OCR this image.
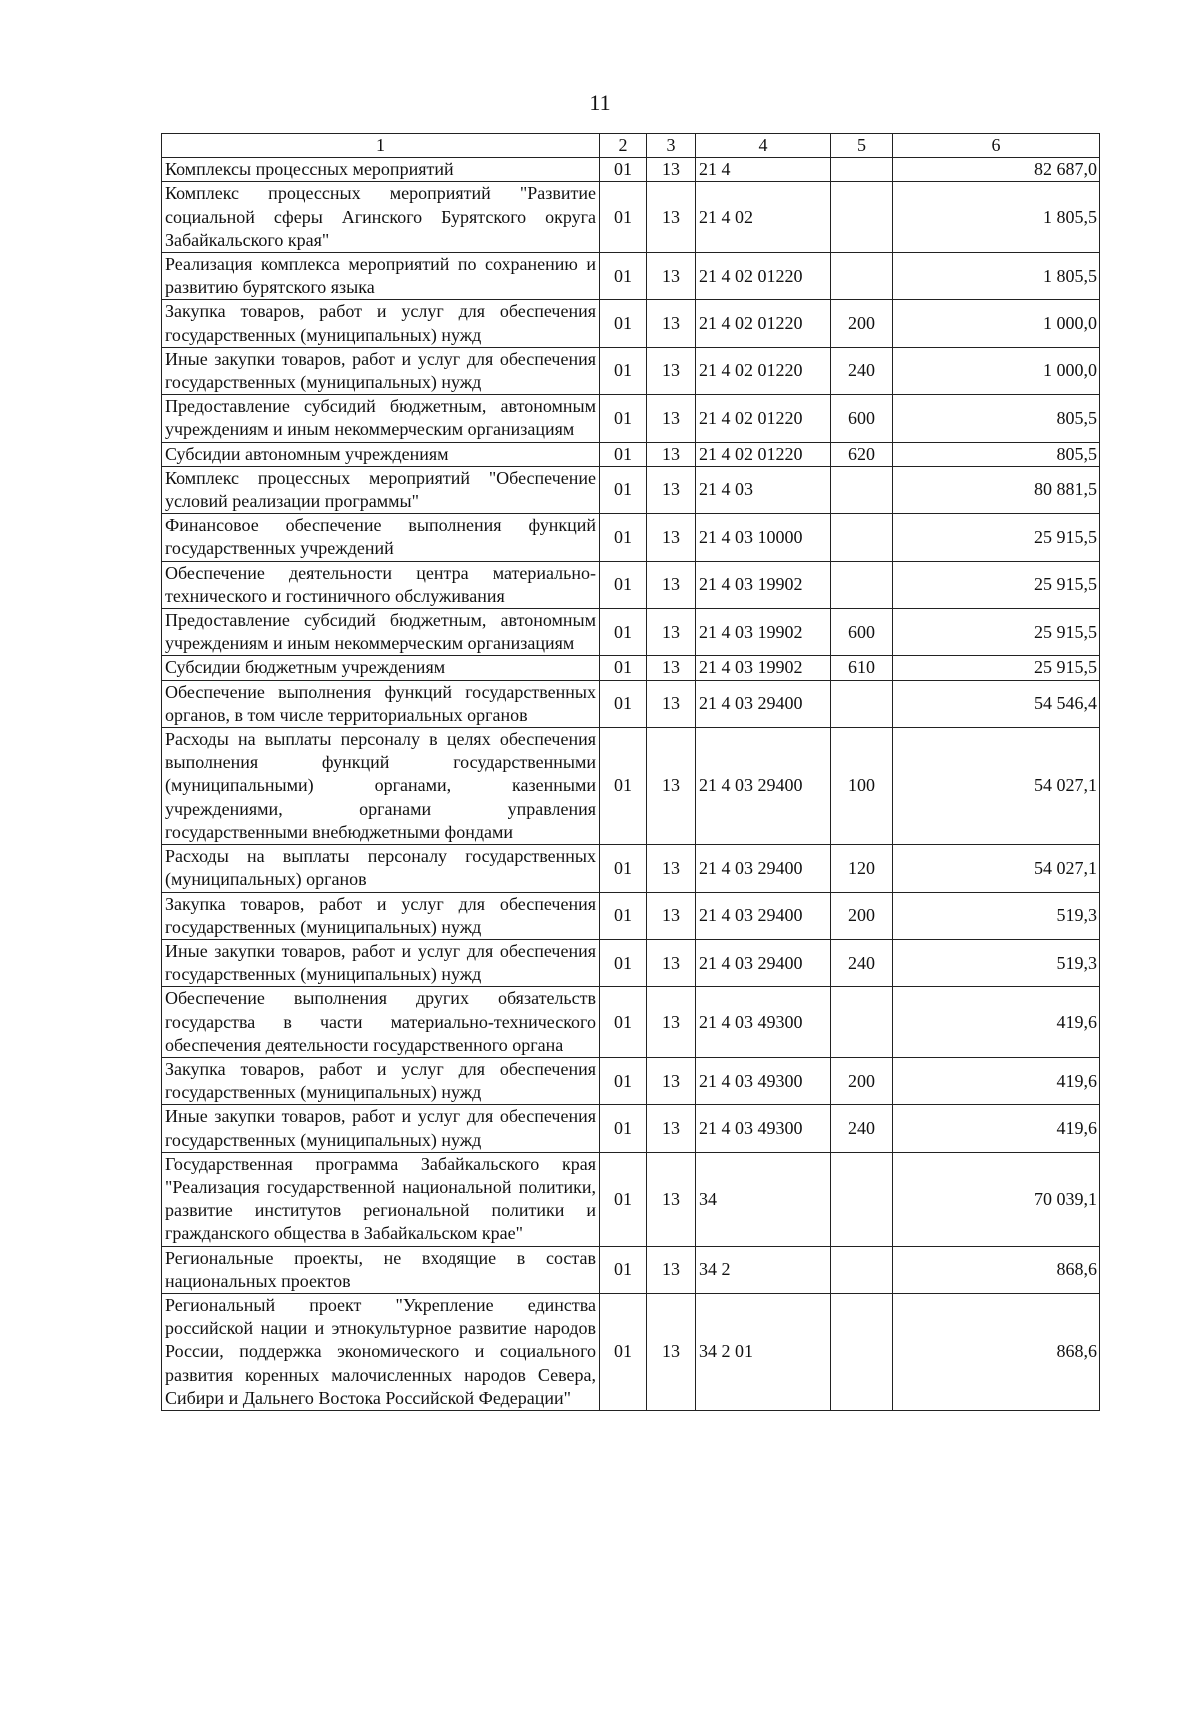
11
1	2	3	4	5	6
Комплексы процессных мероприятий	01	13	21 4		82 687,0
Комплекс процессных мероприятий "Развитие социальной сферы Агинского Бурятского округа Забайкальского края"	01	13	21 4 02		1 805,5
Реализация комплекса мероприятий по сохранению и развитию бурятского языка	01	13	21 4 02 01220		1 805,5
Закупка товаров, работ и услуг для обеспечения государственных (муниципальных) нужд	01	13	21 4 02 01220	200	1 000,0
Иные закупки товаров, работ и услуг для обеспечения государственных (муниципальных) нужд	01	13	21 4 02 01220	240	1 000,0
Предоставление субсидий бюджетным, автономным учреждениям и иным некоммерческим организациям	01	13	21 4 02 01220	600	805,5
Субсидии автономным учреждениям	01	13	21 4 02 01220	620	805,5
Комплекс процессных мероприятий "Обеспечение условий реализации программы"	01	13	21 4 03		80 881,5
Финансовое обеспечение выполнения функций государственных учреждений	01	13	21 4 03 10000		25 915,5
Обеспечение деятельности центра материально-технического и гостиничного обслуживания	01	13	21 4 03 19902		25 915,5
Предоставление субсидий бюджетным, автономным учреждениям и иным некоммерческим организациям	01	13	21 4 03 19902	600	25 915,5
Субсидии бюджетным учреждениям	01	13	21 4 03 19902	610	25 915,5
Обеспечение выполнения функций государственных органов, в том числе территориальных органов	01	13	21 4 03 29400		54 546,4
Расходы на выплаты персоналу в целях обеспечения выполнения функций государственными (муниципальными) органами, казенными учреждениями, органами управления государственными внебюджетными фондами	01	13	21 4 03 29400	100	54 027,1
Расходы на выплаты персоналу государственных (муниципальных) органов	01	13	21 4 03 29400	120	54 027,1
Закупка товаров, работ и услуг для обеспечения государственных (муниципальных) нужд	01	13	21 4 03 29400	200	519,3
Иные закупки товаров, работ и услуг для обеспечения государственных (муниципальных) нужд	01	13	21 4 03 29400	240	519,3
Обеспечение выполнения других обязательств государства в части материально-технического обеспечения деятельности государственного органа	01	13	21 4 03 49300		419,6
Закупка товаров, работ и услуг для обеспечения государственных (муниципальных) нужд	01	13	21 4 03 49300	200	419,6
Иные закупки товаров, работ и услуг для обеспечения государственных (муниципальных) нужд	01	13	21 4 03 49300	240	419,6
Государственная программа Забайкальского края "Реализация государственной национальной политики, развитие институтов региональной политики и гражданского общества в Забайкальском крае"	01	13	34		70 039,1
Региональные проекты, не входящие в состав национальных проектов	01	13	34 2		868,6
Региональный проект "Укрепление единства российской нации и этнокультурное развитие народов России, поддержка экономического и социального развития коренных малочисленных народов Севера, Сибири и Дальнего Востока Российской Федерации"	01	13	34 2 01		868,6
